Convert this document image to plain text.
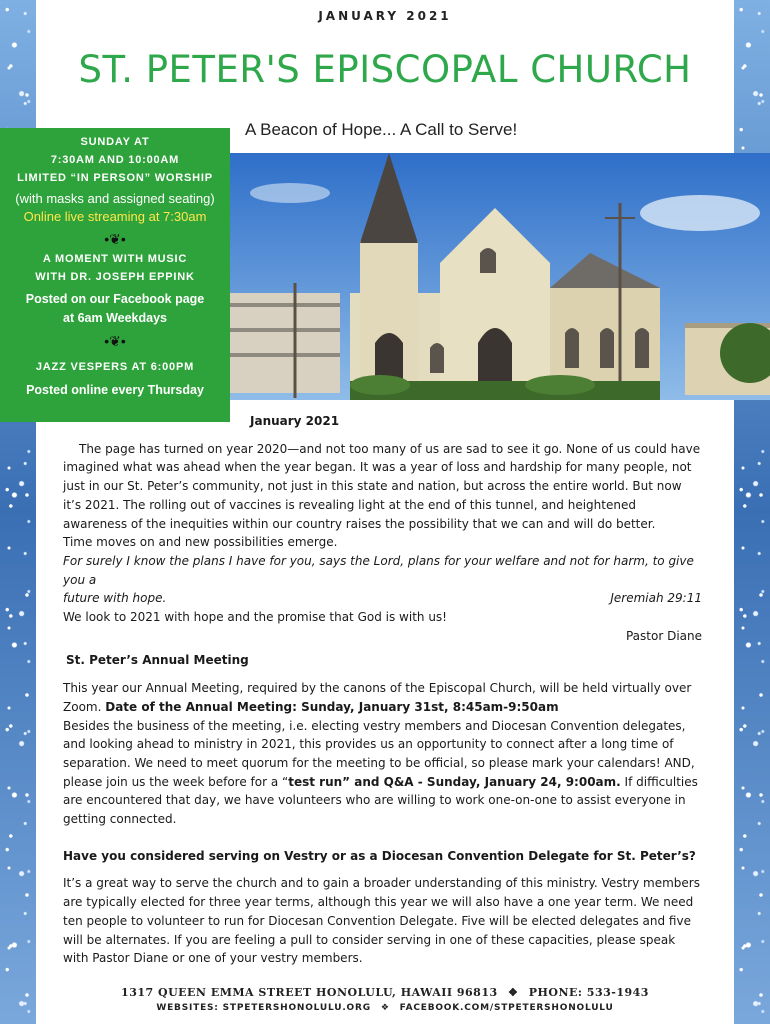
JANUARY 2021
ST. PETER'S EPISCOPAL CHURCH
A Beacon of Hope... A Call to Serve!
SUNDAY AT
7:30AM AND 10:00AM
LIMITED “IN PERSON” WORSHIP
(with masks and assigned seating)
Online live streaming at 7:30am
•❦•
A MOMENT WITH MUSIC
WITH DR. JOSEPH EPPINK
Posted on our Facebook page
at 6am Weekdays
•❦•
JAZZ VESPERS AT 6:00PM
Posted online every Thursday

January 2021

The page has turned on year 2020—and not too many of us are sad to see it go. None of us could have imagined what was ahead when the year began. It was a year of loss and hardship for many people, not just in our St. Peter’s community, not just in this state and nation, but across the entire world. But now it’s 2021. The rolling out of vaccines is revealing light at the end of this tunnel, and heightened awareness of the inequities within our country raises the possibility that we can and will do better.

Time moves on and new possibilities emerge.

For surely I know the plans I have for you, says the Lord, plans for your welfare and not for harm, to give you a

future with hope.	Jeremiah 29:11

We look to 2021 with hope and the promise that God is with us!

Pastor Diane

St. Peter’s Annual Meeting

This year our Annual Meeting, required by the canons of the Episcopal Church, will be held virtually over Zoom. Date of the Annual Meeting: Sunday, January 31st, 8:45am-9:50am

Besides the business of the meeting, i.e. electing vestry members and Diocesan Convention delegates, and looking ahead to ministry in 2021, this provides us an opportunity to connect after a long time of separation. We need to meet quorum for the meeting to be official, so please mark your calendars! AND, please join us the week before for a “test run” and Q&A - Sunday, January 24, 9:00am. If difficulties are encountered that day, we have volunteers who are willing to work one-on-one to assist everyone in getting connected.

Have you considered serving on Vestry or as a Diocesan Convention Delegate for St. Peter’s?

It’s a great way to serve the church and to gain a broader understanding of this ministry. Vestry members are typically elected for three year terms, although this year we will also have a one year term. We need ten people to volunteer to run for Diocesan Convention Delegate. Five will be elected delegates and five will be alternates. If you are feeling a pull to consider serving in one of these capacities, please speak with Pastor Diane or one of your vestry members.

1317 QUEEN EMMA STREET HONOLULU, HAWAII 96813 ❖ PHONE: 533-1943
WEBSITES: STPETERSHONOLULU.ORG ❖ FACEBOOK.COM/STPETERSHONOLULU
